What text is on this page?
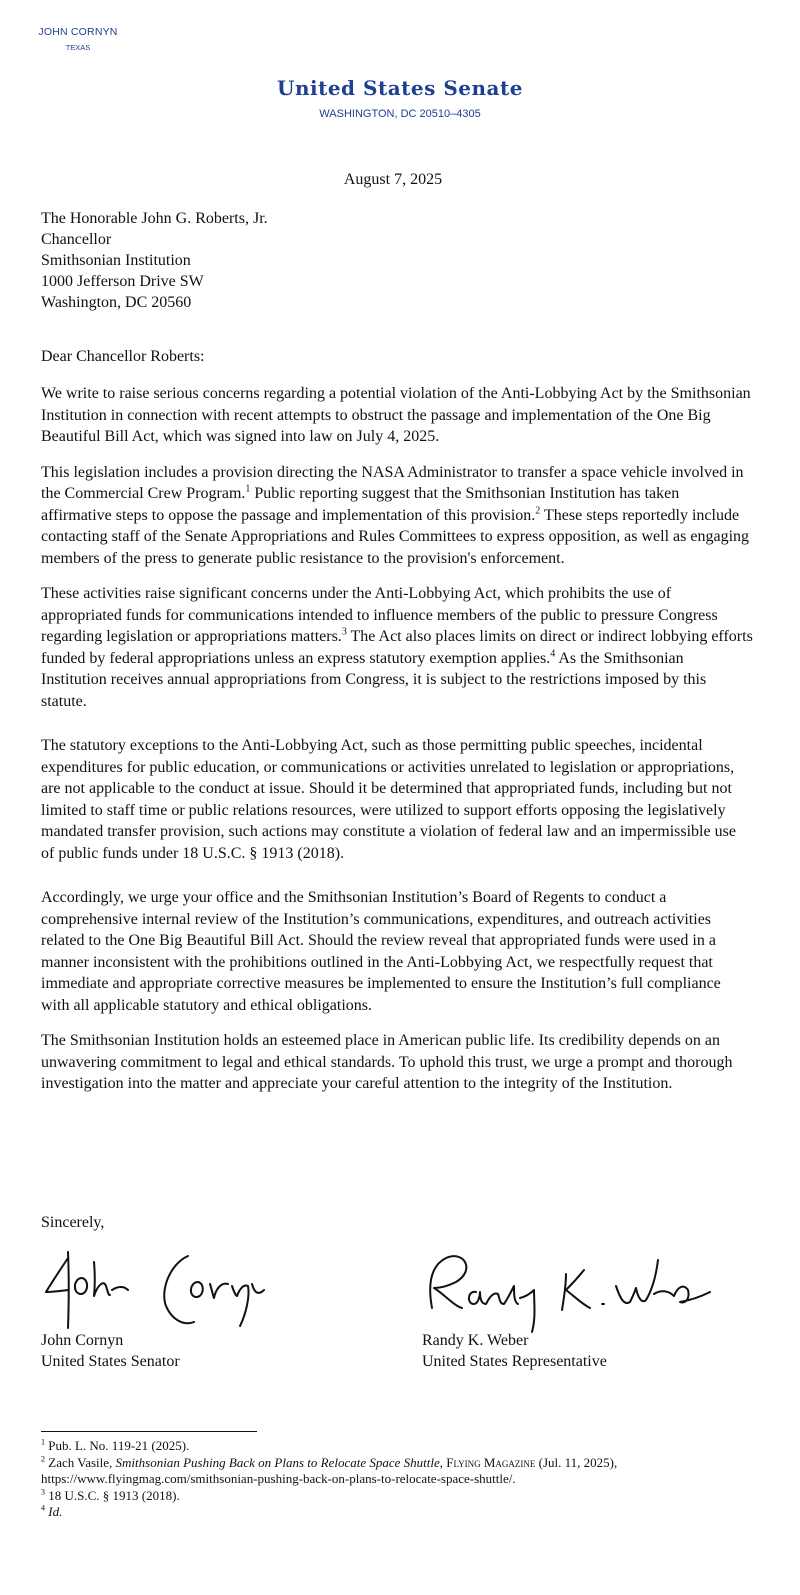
JOHN CORNYN
TEXAS
United States Senate
WASHINGTON, DC 20510–4305
August 7, 2025
The Honorable John G. Roberts, Jr.
Chancellor
Smithsonian Institution
1000 Jefferson Drive SW
Washington, DC 20560
Dear Chancellor Roberts:

We write to raise serious concerns regarding a potential violation of the Anti-Lobbying Act by the Smithsonian Institution in connection with recent attempts to obstruct the passage and implementation of the One Big Beautiful Bill Act, which was signed into law on July 4, 2025.

This legislation includes a provision directing the NASA Administrator to transfer a space vehicle involved in the Commercial Crew Program.$^1$ Public reporting suggest that the Smithsonian Institution has taken affirmative steps to oppose the passage and implementation of this provision.$^2$ These steps reportedly include contacting staff of the Senate Appropriations and Rules Committees to express opposition, as well as engaging members of the press to generate public resistance to the provision's enforcement.

These activities raise significant concerns under the Anti-Lobbying Act, which prohibits the use of appropriated funds for communications intended to influence members of the public to pressure Congress regarding legislation or appropriations matters.$^3$ The Act also places limits on direct or indirect lobbying efforts funded by federal appropriations unless an express statutory exemption applies.$^4$ As the Smithsonian Institution receives annual appropriations from Congress, it is subject to the restrictions imposed by this statute.

The statutory exceptions to the Anti-Lobbying Act, such as those permitting public speeches, incidental expenditures for public education, or communications or activities unrelated to legislation or appropriations, are not applicable to the conduct at issue. Should it be determined that appropriated funds, including but not limited to staff time or public relations resources, were utilized to support efforts opposing the legislatively mandated transfer provision, such actions may constitute a violation of federal law and an impermissible use of public funds under 18 U.S.C. § 1913 (2018).

Accordingly, we urge your office and the Smithsonian Institution’s Board of Regents to conduct a comprehensive internal review of the Institution’s communications, expenditures, and outreach activities related to the One Big Beautiful Bill Act. Should the review reveal that appropriated funds were used in a manner inconsistent with the prohibitions outlined in the Anti-Lobbying Act, we respectfully request that immediate and appropriate corrective measures be implemented to ensure the Institution’s full compliance with all applicable statutory and ethical obligations.

The Smithsonian Institution holds an esteemed place in American public life. Its credibility depends on an unwavering commitment to legal and ethical standards. To uphold this trust, we urge a prompt and thorough investigation into the matter and appreciate your careful attention to the integrity of the Institution.

Sincerely,
John Cornyn
United States Senator
Randy K. Weber
United States Representative
$^1$ Pub. L. No. 119-21 (2025).
$^2$ Zach Vasile, Smithsonian Pushing Back on Plans to Relocate Space Shuttle, Flying Magazine (Jul. 11, 2025),
https://www.flyingmag.com/smithsonian-pushing-back-on-plans-to-relocate-space-shuttle/.
$^3$ 18 U.S.C. § 1913 (2018).
$^4$ Id.
